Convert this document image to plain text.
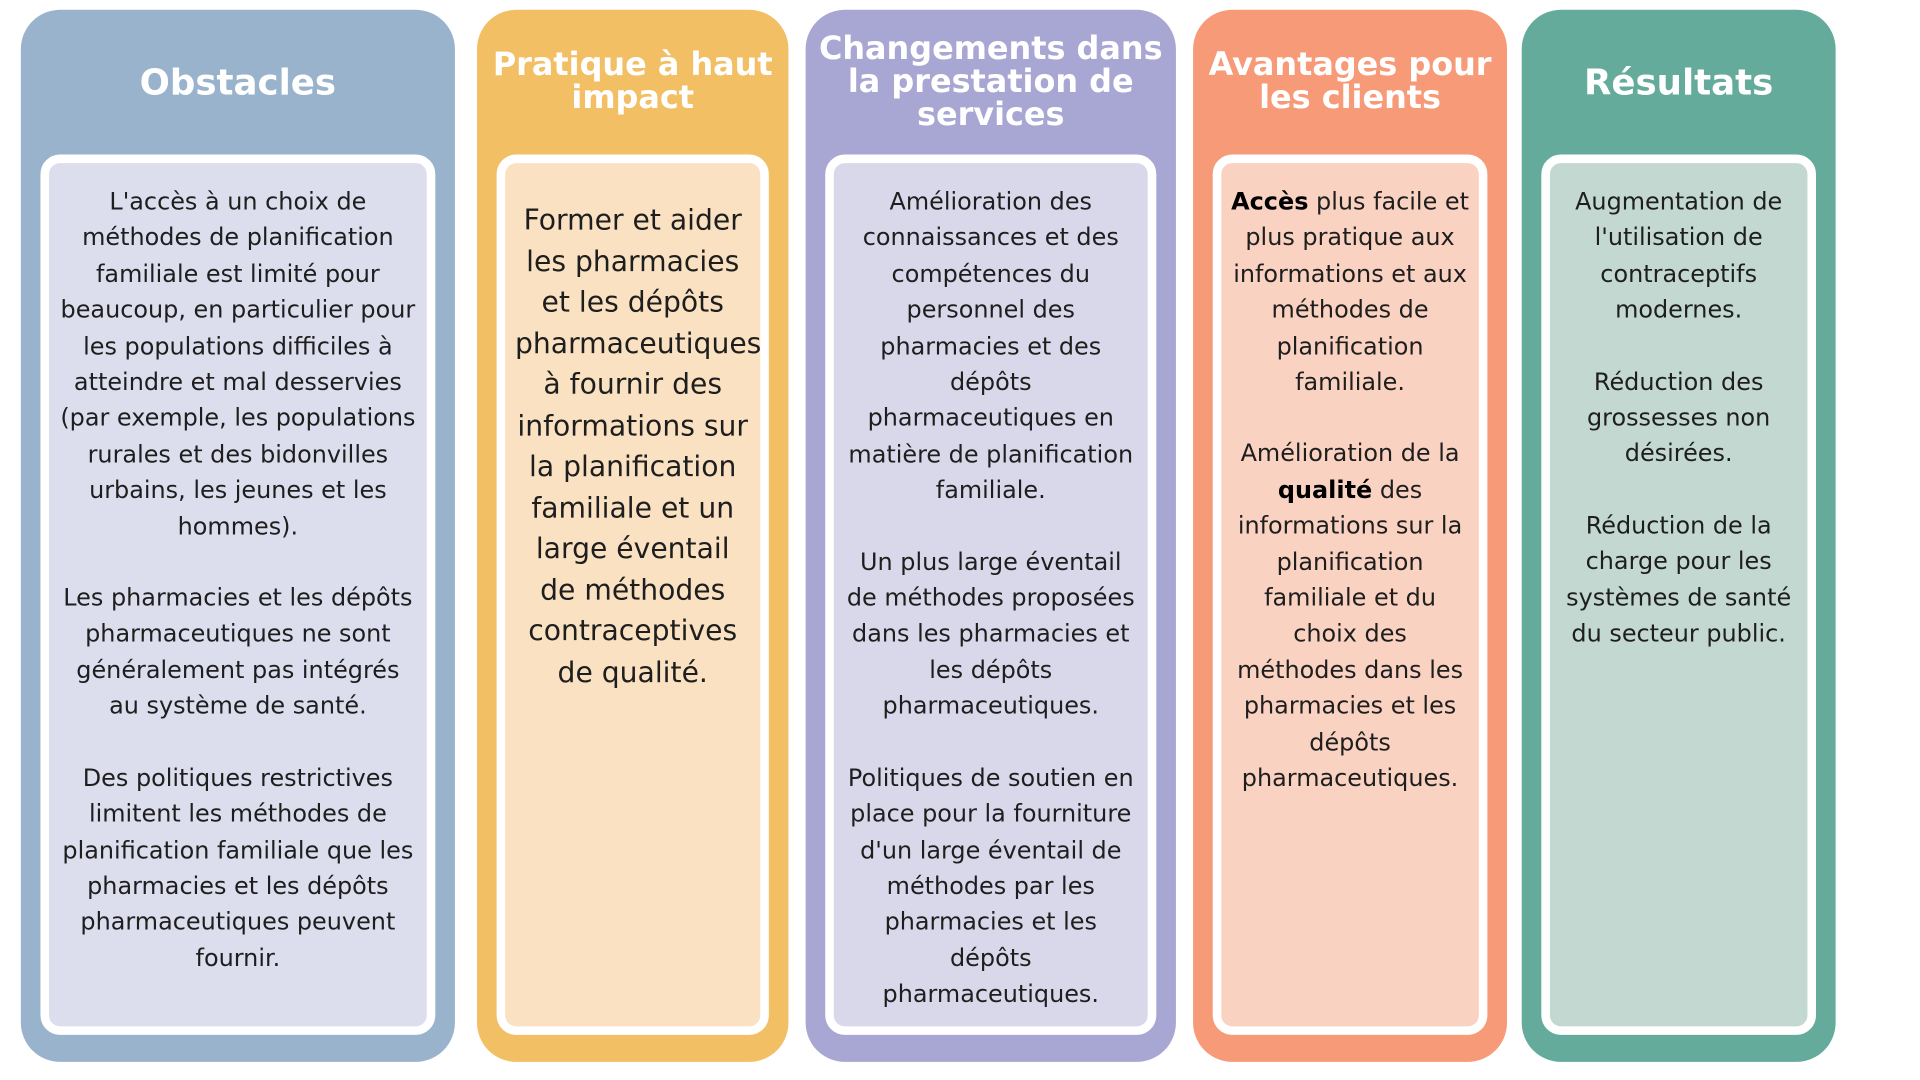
Obstacles

L'accès à un choix de méthodes de planification familiale est limité pour beaucoup, en particulier pour les populations difficiles à atteindre et mal desservies (par exemple, les populations rurales et des bidonvilles urbains, les jeunes et les hommes).

Les pharmacies et les dépôts pharmaceutiques ne sont généralement pas intégrés au système de santé.

Des politiques restrictives limitent les méthodes de planification familiale que les pharmacies et les dépôts pharmaceutiques peuvent fournir.

Pratique à haut impact

Former et aider les pharmacies et les dépôts pharmaceutiques à fournir des informations sur la planification familiale et un large éventail de méthodes contraceptives de qualité.

Changements dans la prestation de services

Amélioration des connaissances et des compétences du personnel des pharmacies et des dépôts pharmaceutiques en matière de planification familiale.

Un plus large éventail de méthodes proposées dans les pharmacies et les dépôts pharmaceutiques.

Politiques de soutien en place pour la fourniture d'un large éventail de méthodes par les pharmacies et les dépôts pharmaceutiques.

Avantages pour les clients

Accès plus facile et plus pratique aux informations et aux méthodes de planification familiale.

Amélioration de la qualité des informations sur la planification familiale et du choix des méthodes dans les pharmacies et les dépôts pharmaceutiques.

Résultats

Augmentation de l'utilisation de contraceptifs modernes.

Réduction des grossesses non désirées.

Réduction de la charge pour les systèmes de santé du secteur public.
